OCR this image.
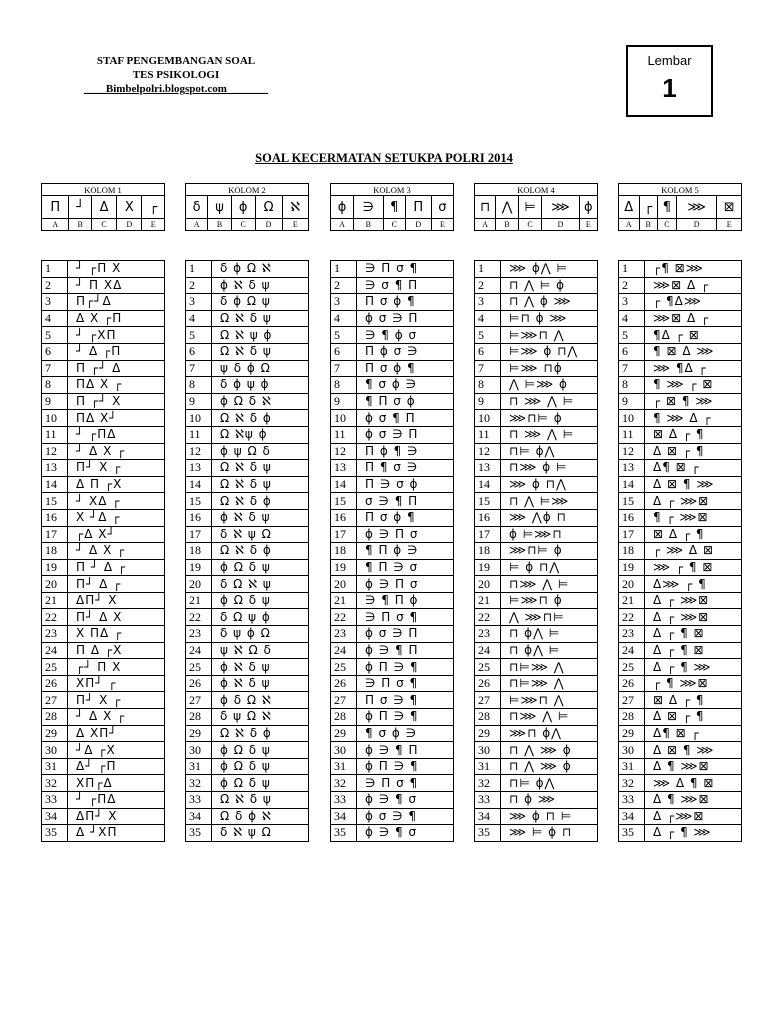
STAF PENGEMBANGAN SOAL
TES PSIKOLOGI
____Bimbelpolri.blogspot.com _______
Lembar
1
SOAL KECERMATAN SETUKPA POLRI 2014
KOLOM 1				
Π	┘	Δ	X	┌
A	B	C	D	E
1	┘ ┌Π X
2	┘ Π XΔ
3	Π┌┘Δ
4	Δ X ┌Π
5	┘ ┌XΠ
6	┘ Δ ┌Π
7	Π ┌┘ Δ
8	ΠΔ X ┌
9	Π ┌┘ X
10	ΠΔ X┘
11	┘ ┌ΠΔ
12	┘ Δ X ┌
13	Π┘ X ┌
14	Δ Π ┌X
15	┘ XΔ ┌
16	X ┘Δ ┌
17	┌Δ X┘
18	┘ Δ X ┌
19	Π ┘ Δ ┌
20	Π┘ Δ ┌
21	ΔΠ┘ X
22	Π┘ Δ X
23	X ΠΔ ┌
24	Π Δ ┌X
25	┌┘ Π X
26	XΠ┘ ┌
27	Π┘ X ┌
28	┘ Δ X ┌
29	Δ XΠ┘
30	┘Δ ┌X
31	Δ┘ ┌Π
32	XΠ┌Δ
33	┘ ┌ΠΔ
34	ΔΠ┘ X
35	Δ ┘XΠ
KOLOM 2				
δ	ψ	ϕ	Ω	ℵ
A	B	C	D	E
1	δ ϕ Ω ℵ
2	ϕ ℵ δ ψ
3	δ ϕ Ω ψ
4	Ω ℵ δ ψ
5	Ω ℵ ψ ϕ
6	Ω ℵ δ ψ
7	ψ δ ϕ Ω
8	δ ϕ ψ ϕ
9	ϕ Ω δ ℵ
10	Ω ℵ δ ϕ
11	Ω ℵψ ϕ
12	ϕ ψ Ω δ
13	Ω ℵ δ ψ
14	Ω ℵ δ ψ
15	Ω ℵ δ ϕ
16	ϕ ℵ δ ψ
17	δ ℵ ψ Ω
18	Ω ℵ δ ϕ
19	ϕ Ω δ ψ
20	δ Ω ℵ ψ
21	ϕ Ω δ ψ
22	δ Ω ψ ϕ
23	δ ψ ϕ Ω
24	ψ ℵ Ω δ
25	ϕ ℵ δ ψ
26	ϕ ℵ δ ψ
27	ϕ δ Ω ℵ
28	δ ψ Ω ℵ
29	Ω ℵ δ ϕ
30	ϕ Ω δ ψ
31	ϕ Ω δ ψ
32	ϕ Ω δ ψ
33	Ω ℵ δ ψ
34	Ω δ ϕ ℵ
35	δ ℵ ψ Ω
KOLOM 3				
ϕ	∋	¶	Π	σ
A	B	C	D	E
1	∋ Π σ ¶
2	∋ σ ¶ Π
3	Π σ ϕ ¶
4	ϕ σ ∋ Π
5	∋ ¶ ϕ σ
6	Π ϕ σ ∋
7	Π σ ϕ ¶
8	¶ σ ϕ ∋
9	¶ Π σ ϕ
10	ϕ σ ¶ Π
11	ϕ σ ∋ Π
12	Π ϕ ¶ ∋
13	Π ¶ σ ∋
14	Π ∋ σ ϕ
15	σ ∋ ¶ Π
16	Π σ ϕ ¶
17	ϕ ∋ Π σ
18	¶ Π ϕ ∋
19	¶ Π ∋ σ
20	ϕ ∋ Π σ
21	∋ ¶ Π ϕ
22	∋ Π σ ¶
23	ϕ σ ∋ Π
24	ϕ ∋ ¶ Π
25	ϕ Π ∋ ¶
26	∋ Π σ ¶
27	Π σ ∋ ¶
28	ϕ Π ∋ ¶
29	¶ σ ϕ ∋
30	ϕ ∋ ¶ Π
31	ϕ Π ∋ ¶
32	∋ Π σ ¶
33	ϕ ∋ ¶ σ
34	ϕ σ ∋ ¶
35	ϕ ∋ ¶ σ
KOLOM 4				
⊓	⋀	⊨	⋙	ϕ
A	B	C	D	E
1	⋙ ϕ⋀ ⊨
2	⊓ ⋀ ⊨ ϕ
3	⊓ ⋀ ϕ ⋙
4	⊨⊓ ϕ ⋙
5	⊨⋙⊓ ⋀
6	⊨⋙ ϕ ⊓⋀
7	⊨⋙ ⊓ϕ
8	⋀ ⊨⋙ ϕ
9	⊓ ⋙ ⋀ ⊨
10	⋙⊓⊨ ϕ
11	⊓ ⋙ ⋀ ⊨
12	⊓⊨ ϕ⋀
13	⊓⋙ ϕ ⊨
14	⋙ ϕ ⊓⋀
15	⊓ ⋀ ⊨⋙
16	⋙ ⋀ϕ ⊓
17	ϕ ⊨⋙⊓
18	⋙⊓⊨ ϕ
19	⊨ ϕ ⊓⋀
20	⊓⋙ ⋀ ⊨
21	⊨⋙⊓ ϕ
22	⋀ ⋙⊓⊨
23	⊓ ϕ⋀ ⊨
24	⊓ ϕ⋀ ⊨
25	⊓⊨⋙ ⋀
26	⊓⊨⋙ ⋀
27	⊨⋙⊓ ⋀
28	⊓⋙ ⋀ ⊨
29	⋙⊓ ϕ⋀
30	⊓ ⋀ ⋙ ϕ
31	⊓ ⋀ ⋙ ϕ
32	⊓⊨ ϕ⋀
33	⊓ ϕ ⋙
34	⋙ ϕ ⊓ ⊨
35	⋙ ⊨ ϕ ⊓
KOLOM 5				
Δ	┌	¶	⋙	⊠
A	B	C	D	E
1	┌¶ ⊠⋙
2	⋙⊠ Δ ┌
3	┌ ¶Δ⋙
4	⋙⊠ Δ ┌
5	¶Δ ┌ ⊠
6	¶ ⊠ Δ ⋙
7	⋙ ¶Δ ┌
8	¶ ⋙ ┌ ⊠
9	┌ ⊠ ¶ ⋙
10	¶ ⋙ Δ ┌
11	⊠ Δ ┌ ¶
12	Δ ⊠ ┌ ¶
13	Δ¶ ⊠ ┌
14	Δ ⊠ ¶ ⋙
15	Δ ┌ ⋙⊠
16	¶ ┌ ⋙⊠
17	⊠ Δ ┌ ¶
18	┌ ⋙ Δ ⊠
19	⋙ ┌ ¶ ⊠
20	Δ⋙ ┌ ¶
21	Δ ┌ ⋙⊠
22	Δ ┌ ⋙⊠
23	Δ ┌ ¶ ⊠
24	Δ ┌ ¶ ⊠
25	Δ ┌ ¶ ⋙
26	┌ ¶ ⋙⊠
27	⊠ Δ ┌ ¶
28	Δ ⊠ ┌ ¶
29	Δ¶ ⊠ ┌
30	Δ ⊠ ¶ ⋙
31	Δ ¶ ⋙⊠
32	⋙ Δ ¶ ⊠
33	Δ ¶ ⋙⊠
34	Δ ┌⋙⊠
35	Δ ┌ ¶ ⋙
